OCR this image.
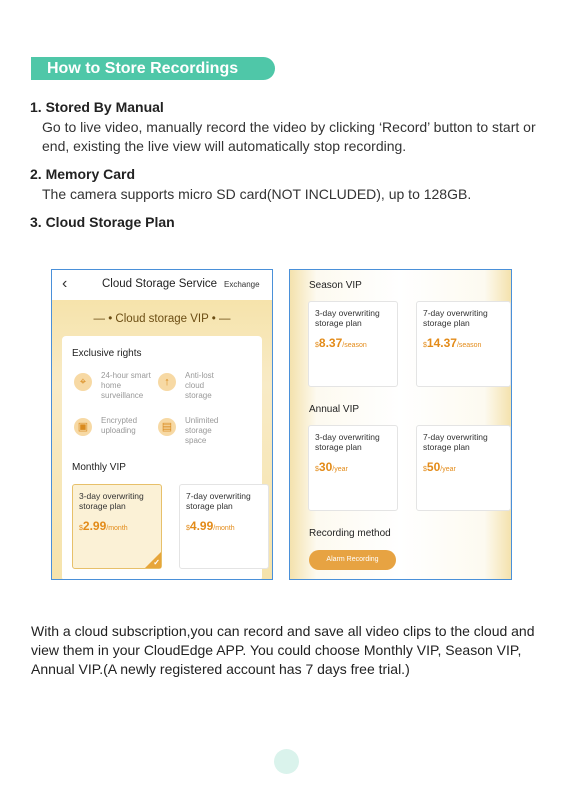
How to Store Recordings
1. Stored By Manual
Go to live video, manually record the video by clicking ‘Record’ button to start or end, existing the live view will automatically stop recording.
2. Memory Card
The camera supports micro SD card(NOT INCLUDED), up to 128GB.
3. Cloud Storage Plan
‹	Cloud Storage Service Exchange
— • Cloud storage VIP • —
Exclusive rights
⌖
24-hour smart home surveillance
↑
Anti-lost cloud storage
▣
Encrypted uploading	▤
Unlimited storage space
Monthly VIP
3-day overwriting storage plan
$2.99/month
✓
7-day overwriting storage plan
$4.99/month
Season VIP
3-day overwriting storage plan
$8.37/season
7-day overwriting storage plan
$14.37/season
Annual VIP
3-day overwriting storage plan
$30/year
7-day overwriting storage plan
$50/year
Recording method
Alarm Recording
With a cloud subscription,you can record and save all video clips to the cloud and view them in your CloudEdge APP. You could choose Monthly VIP, Season VIP, Annual VIP.(A newly registered account has 7 days free trial.)
